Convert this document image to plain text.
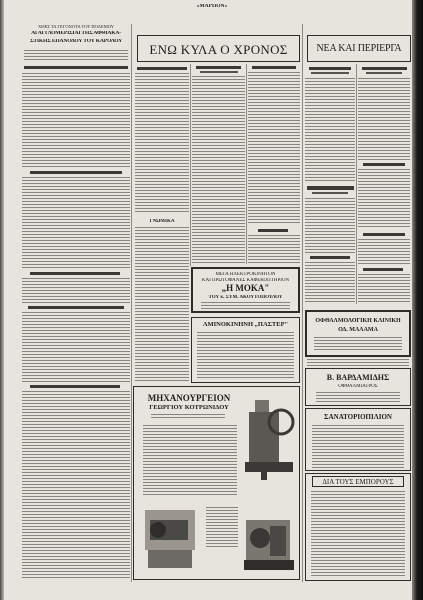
«ΜΑΡΠΟΝ»
ΧΘΕΣ ΤΑ ΓΕΓΟΝΟΤΑ ΤΟΥ ΠΟΛΕΜΟΥ
ΑΙ ΑΓΓΛΟΜΕΡΙΣΙΑΙ ΤΗΣ ΑΦΘΙΑΚΑ-
ΣΤΙΚΗΣ ΕΠΑΝΟΔΟΥ ΤΟΥ ΚΑΡΟΛΟΥ
ΕΝΩ ΚΥΛΑ Ο ΧΡΟΝΟΣ
ΓΝΩΜΙΚΑ
ΜΕΓΑ ΗΛΕΚΤΡΟΚΙΝΗΤΟΝ
ΚΑΙ ΠΡΩΤΟΦΑΝΕΣ ΚΑΦΕΚΟΠΤΗΡΙΟΝ
„Η ΜΟΚΑ"
ΤΟΥ κ. ΣΥΜ. ΑΚΟΥΤΟΠΟΥΛΟΥ
ΑΜΙΝΟΚΙΝΗΝΗ „ΠΑΣΤΕΡ"
ΜΗΧΑΝΟΥΡΓΕΙΟΝ
ΓΕΩΡΓΙΟΥ ΚΟΤΡΩΝΙΔΟΥ
ΝΕΑ ΚΑΙ ΠΕΡΙΕΡΓΑ
ΟΦΘΑΛΜΟΛΟΓΙΚΗ ΚΛΙΝΙΚΗ
ΟΔ. ΜΑΛΑΜΑ
Β. ΒΑΡΔΑΜΙΔΗΣ
ΟΦΘΑΛΜΙΑΤΡΟΣ
ΣΑΝΑΤΟΡΙΟΠΙΛΙΟΝ
ΔΙΑ ΤΟΥΣ ΕΜΠΟΡΟΥΣ
